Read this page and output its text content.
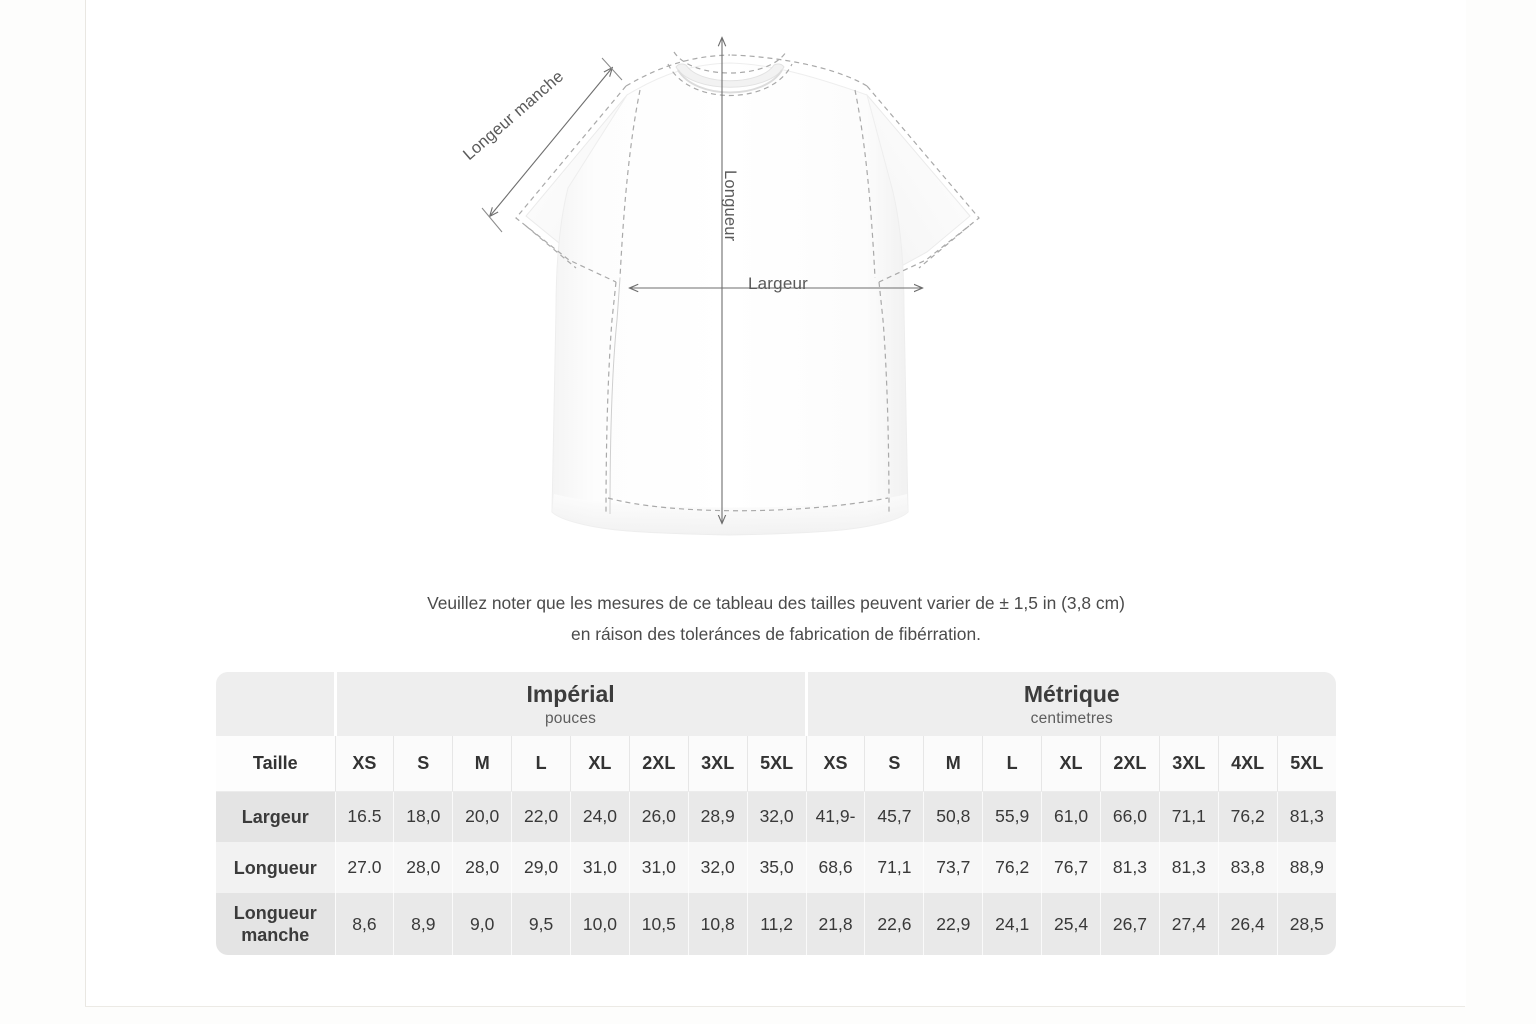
Longeur manche
Longueur
Largeur
Veuillez noter que les mesures de ce tableau des tailles peuvent varier de ± 1,5 in (3,8 cm)
en ráison des toleránces de fabrication de fibérration.

	Impérial
pouces								Métrique
centimetres								

Taille	XS	S	M	L	XL	2XL	3XL	5XL	XS	S	M	L	XL	2XL	3XL	4XL	5XL
Largeur	16.5	18,0	20,0	22,0	24,0	26,0	28,9	32,0	41,9-	45,7	50,8	55,9	61,0	66,0	71,1	76,2	81,3
Longueur	27.0	28,0	28,0	29,0	31,0	31,0	32,0	35,0	68,6	71,1	73,7	76,2	76,7	81,3	81,3	83,8	88,9

Longueur
manche	8,6	8,9	9,0	9,5	10,0	10,5	10,8	11,2	21,8	22,6	22,9	24,1	25,4	26,7	27,4	26,4	28,5
